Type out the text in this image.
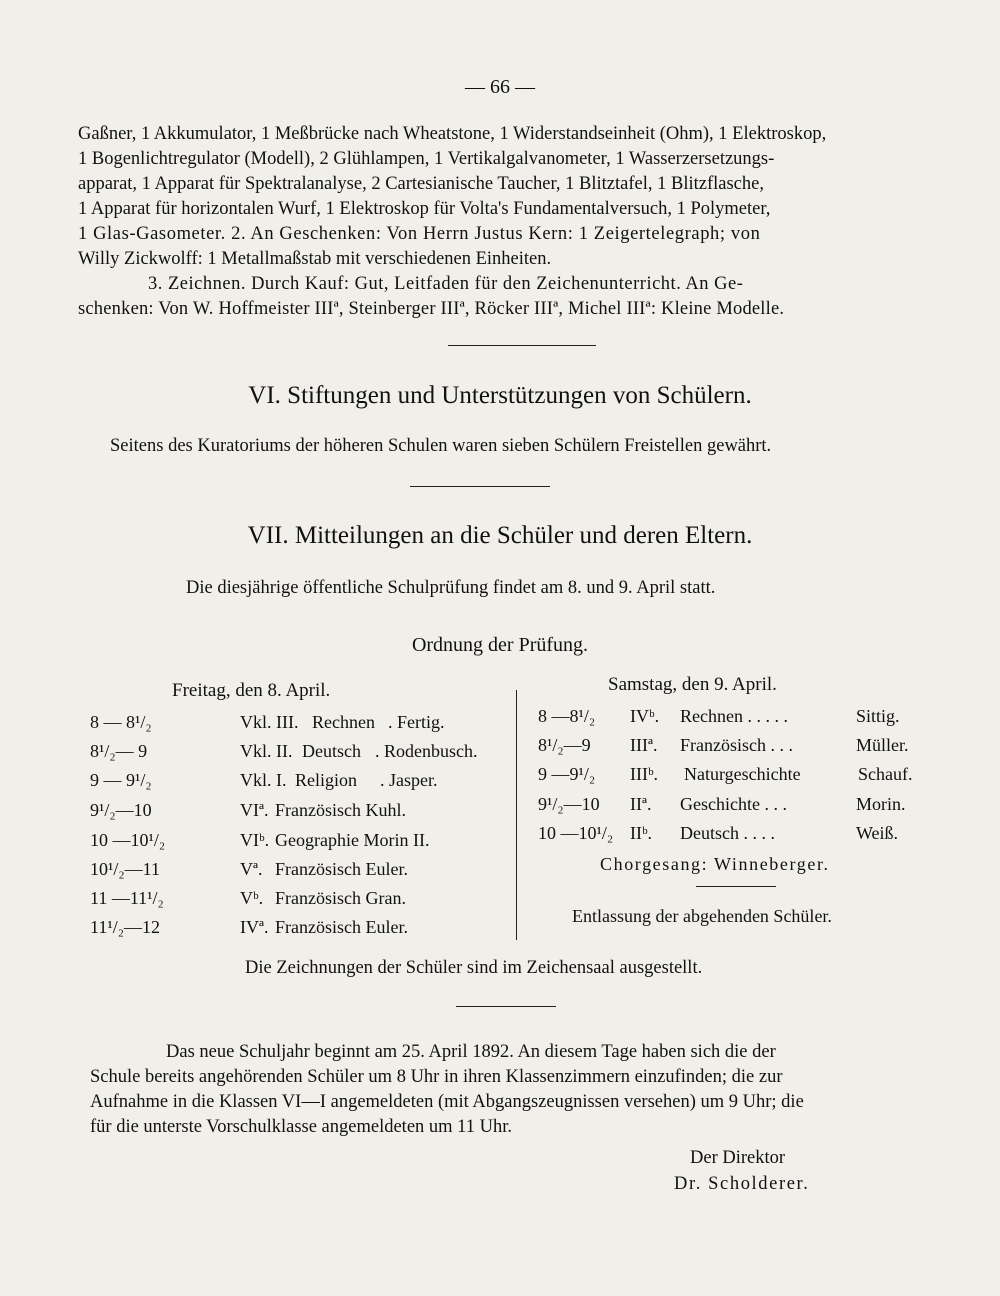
— 66 —
Gaßner, 1 Akkumulator, 1 Meßbrücke nach Wheatstone, 1 Widerstandseinheit (Ohm), 1 Elektroskop,
1 Bogenlichtregulator (Modell), 2 Glühlampen, 1 Vertikalgalvanometer, 1 Wasserzersetzungs-
apparat, 1 Apparat für Spektralanalyse, 2 Cartesianische Taucher, 1 Blitztafel, 1 Blitzflasche,
1 Apparat für horizontalen Wurf, 1 Elektroskop für Volta's Fundamentalversuch, 1 Polymeter,
1 Glas-Gasometer. 2. An Geschenken: Von Herrn Justus Kern: 1 Zeigertelegraph; von
Willy Zickwolff: 1 Metallmaßstab mit verschiedenen Einheiten.
3. Zeichnen. Durch Kauf: Gut, Leitfaden für den Zeichenunterricht. An Ge-
schenken: Von W. Hoffmeister IIIª, Steinberger IIIª, Röcker IIIª, Michel IIIª: Kleine Modelle.
VI. Stiftungen und Unterstützungen von Schülern.
Seitens des Kuratoriums der höheren Schulen waren sieben Schülern Freistellen gewährt.
VII. Mitteilungen an die Schüler und deren Eltern.
Die diesjährige öffentliche Schulprüfung findet am 8. und 9. April statt.
Ordnung der Prüfung.
Freitag, den 8. April.	Samstag, den 9. April.
8 — 8¹/₂	Vkl. III. Rechnen . Fertig.
8¹/₂— 9	Vkl. II. Deutsch . Rodenbusch.
9 — 9¹/₂	Vkl. I. Religion . Jasper.
9¹/₂—10	VIª. Französisch Kuhl.
10 —10¹/₂	VIᵇ. Geographie Morin II.
10¹/₂—11	Vª. Französisch Euler.
11 —11¹/₂	Vᵇ. Französisch Gran.
11¹/₂—12	IVª. Französisch Euler.
8 —8¹/₂ IVᵇ. Rechnen . . . . .	Sittig.
8¹/₂—9 IIIª. Französisch . . .	Müller.
9 —9¹/₂ IIIᵇ. Naturgeschichte	Schauf.
9¹/₂—10 IIª. Geschichte . . .	Morin.
10 —10¹/₂ IIᵇ. Deutsch . . . .	Weiß.
Chorgesang: Winneberger.
Entlassung der abgehenden Schüler.
Die Zeichnungen der Schüler sind im Zeichensaal ausgestellt.
Das neue Schuljahr beginnt am 25. April 1892. An diesem Tage haben sich die der
Schule bereits angehörenden Schüler um 8 Uhr in ihren Klassenzimmern einzufinden; die zur
Aufnahme in die Klassen VI—I angemeldeten (mit Abgangszeugnissen versehen) um 9 Uhr; die
für die unterste Vorschulklasse angemeldeten um 11 Uhr.
Der Direktor
Dr. Scholderer.
